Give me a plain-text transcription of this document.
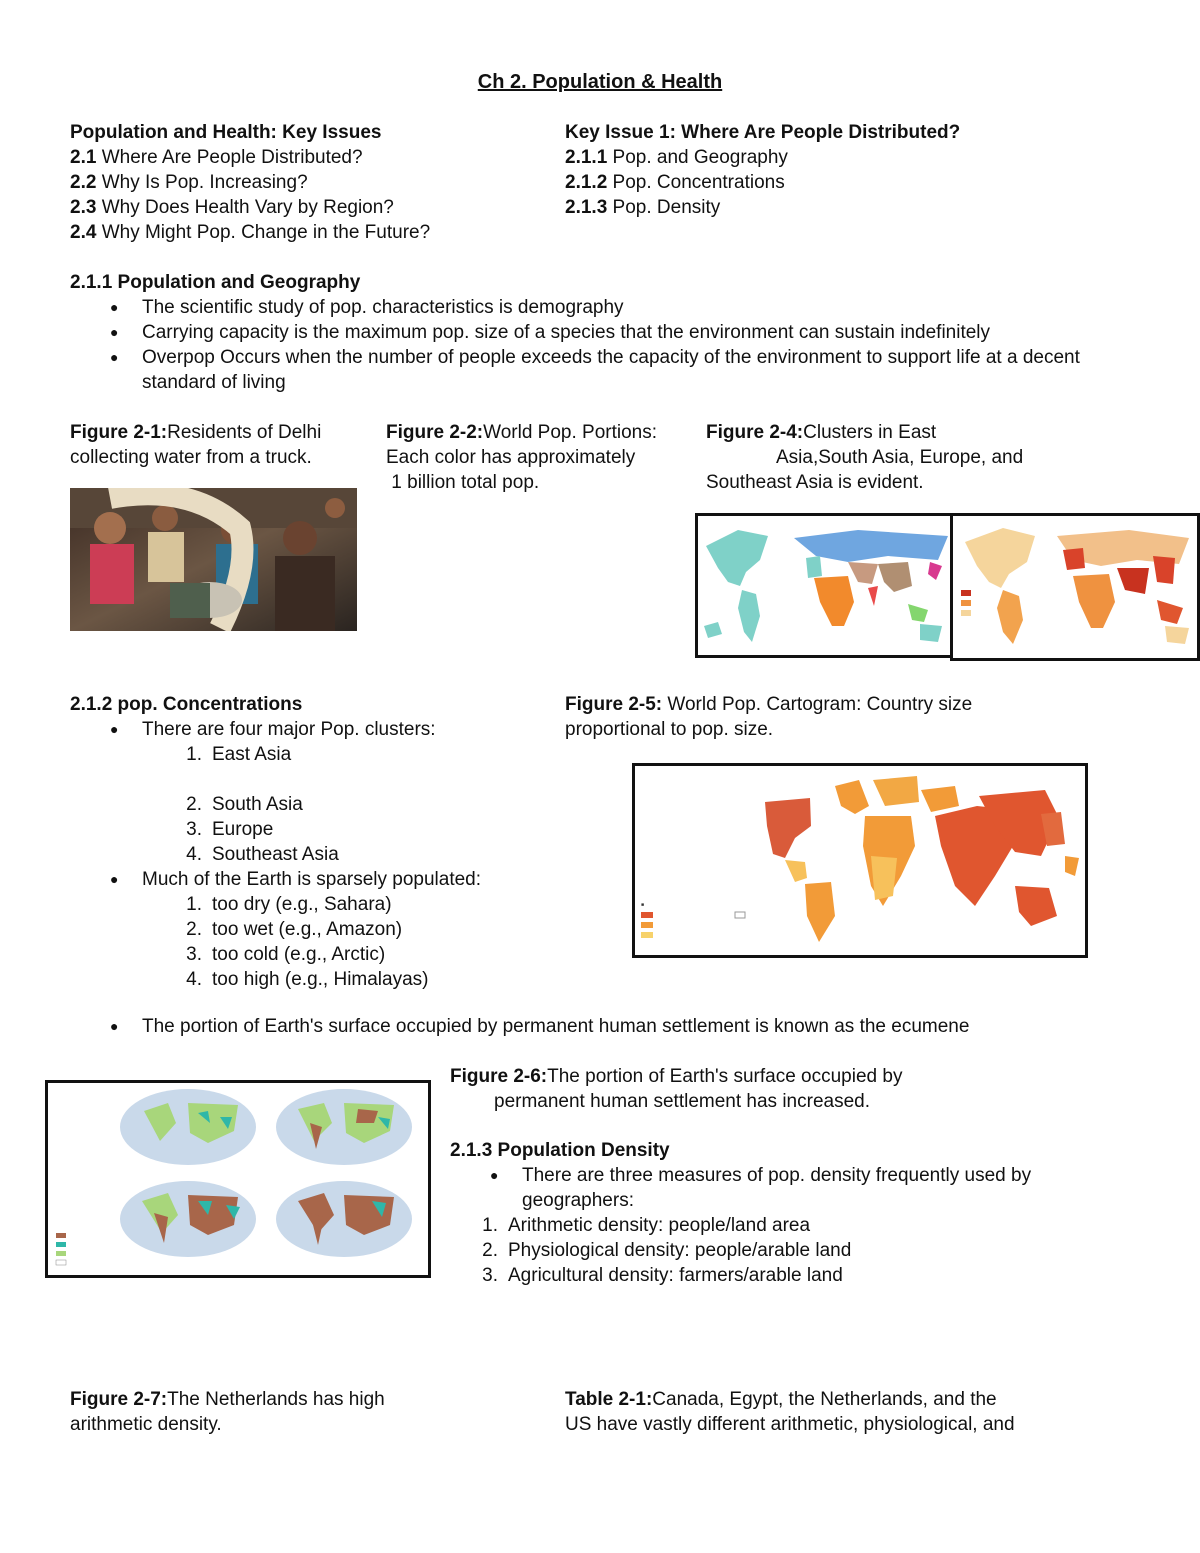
Ch 2. Population & Health
Population and Health: Key Issues
2.1 Where Are People Distributed?
2.2 Why Is Pop. Increasing?
2.3 Why Does Health Vary by Region?
2.4 Why Might Pop. Change in the Future?
Key Issue 1: Where Are People Distributed?
2.1.1 Pop. and Geography
2.1.2 Pop. Concentrations
2.1.3 Pop. Density
2.1.1 Population and Geography
● The scientific study of pop. characteristics is demography
● Carrying capacity is the maximum pop. size of a species that the environment can sustain indefinitely
● Overpop Occurs when the number of people exceeds the capacity of the environment to support life at a decent standard of living
Figure 2-1:Residents of Delhi
collecting water from a truck.
Figure 2-2:World Pop. Portions:
Each color has approximately
1 billion total pop.
Figure 2-4:Clusters in East
Asia,South Asia, Europe, and
Southeast Asia is evident.
2.1.2 pop. Concentrations
● There are four major Pop. clusters:
1. East Asia
2. South Asia
3. Europe
4. Southeast Asia
● Much of the Earth is sparsely populated:
1. too dry (e.g., Sahara)
2. too wet (e.g., Amazon)
3. too cold (e.g., Arctic)
4. too high (e.g., Himalayas)
Figure 2-5: World Pop. Cartogram: Country size
proportional to pop. size.
■
● The portion of Earth's surface occupied by permanent human settlement is known as the ecumene
Figure 2-6:The portion of Earth's surface occupied by
permanent human settlement has increased.
2.1.3 Population Density
● There are three measures of pop. density frequently used by geographers:
1. Arithmetic density: people/land area
2. Physiological density: people/arable land
3. Agricultural density: farmers/arable land
Figure 2-7:The Netherlands has high
arithmetic density.
Table 2-1:Canada, Egypt, the Netherlands, and the
US have vastly different arithmetic, physiological, and
